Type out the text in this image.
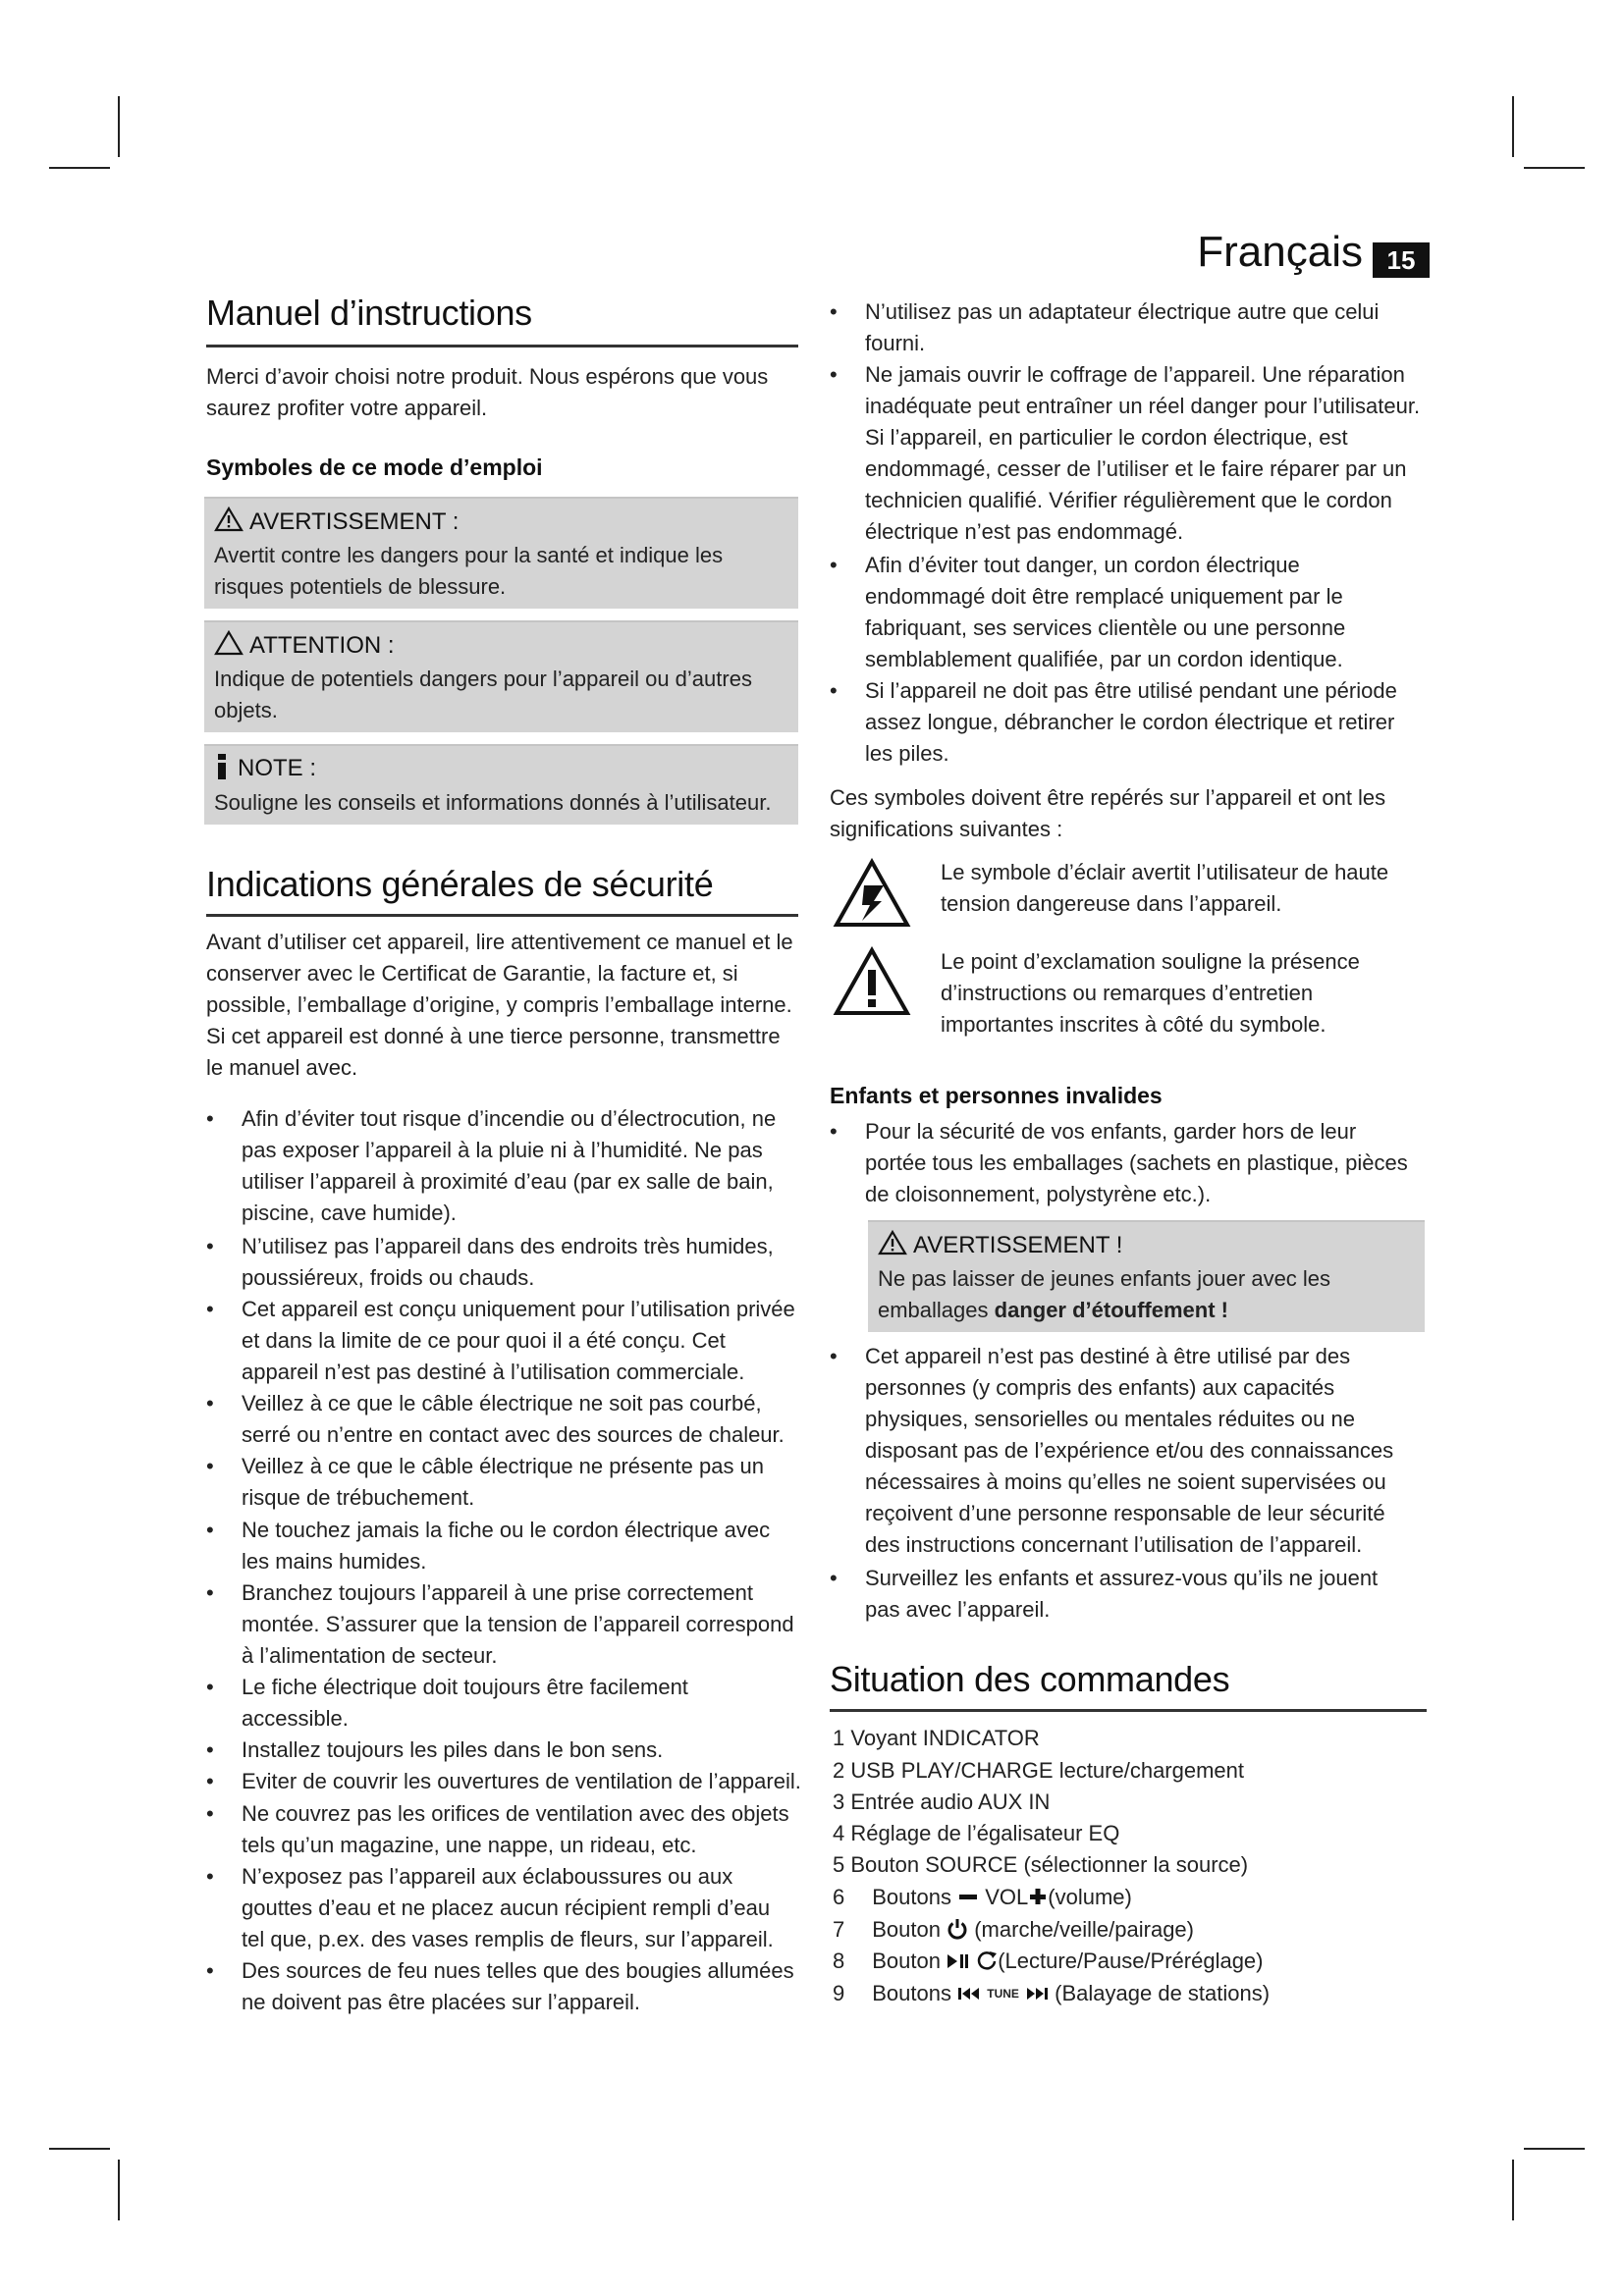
Français 15
Manuel d’instructions
Merci d’avoir choisi notre produit. Nous espérons que vous saurez profiter votre appareil.
Symboles de ce mode d’emploi
AVERTISSEMENT :
Avertit contre les dangers pour la santé et indique les risques potentiels de blessure.
ATTENTION :
Indique de potentiels dangers pour l’appareil ou d’autres objets.
NOTE :
Souligne les conseils et informations donnés à l’utilisateur.
Indications générales de sécurité
Avant d’utiliser cet appareil, lire attentivement ce manuel et le conserver avec le Certificat de Garantie, la facture et, si possible, l’emballage d’origine, y compris l’emballage interne. Si cet appareil est donné à une tierce personne, transmettre le manuel avec.
• Afin d’éviter tout risque d’incendie ou d’électrocution, ne pas exposer l’appareil à la pluie ni à l’humidité. Ne pas utiliser l’appareil à proximité d’eau (par ex salle de bain, piscine, cave humide).
• N’utilisez pas l’appareil dans des endroits très humides, poussiéreux, froids ou chauds.
• Cet appareil est conçu uniquement pour l’utilisation privée et dans la limite de ce pour quoi il a été conçu. Cet appareil n’est pas destiné à l’utilisation commerciale.
• Veillez à ce que le câble électrique ne soit pas courbé, serré ou n’entre en contact avec des sources de chaleur.
• Veillez à ce que le câble électrique ne présente pas un risque de trébuchement.
• Ne touchez jamais la fiche ou le cordon électrique avec les mains humides.
• Branchez toujours l’appareil à une prise correctement montée. S’assurer que la tension de l’appareil correspond à l’alimentation de secteur.
• Le fiche électrique doit toujours être facilement accessible.
• Installez toujours les piles dans le bon sens.
• Eviter de couvrir les ouvertures de ventilation de l’appareil.
• Ne couvrez pas les orifices de ventilation avec des objets tels qu’un magazine, une nappe, un rideau, etc.
• N’exposez pas l’appareil aux éclaboussures ou aux gouttes d’eau et ne placez aucun récipient rempli d’eau tel que, p.ex. des vases remplis de fleurs, sur l’appareil.
• Des sources de feu nues telles que des bougies allumées ne doivent pas être placées sur l’appareil.
• N’utilisez pas un adaptateur électrique autre que celui fourni.
• Ne jamais ouvrir le coffrage de l’appareil. Une réparation inadéquate peut entraîner un réel danger pour l’utilisateur. Si l’appareil, en particulier le cordon électrique, est endommagé, cesser de l’utiliser et le faire réparer par un technicien qualifié. Vérifier régulièrement que le cordon électrique n’est pas endommagé.
• Afin d’éviter tout danger, un cordon électrique endommagé doit être remplacé uniquement par le fabriquant, ses services clientèle ou une personne semblablement qualifiée, par un cordon identique.
• Si l’appareil ne doit pas être utilisé pendant une période assez longue, débrancher le cordon électrique et retirer les piles.
Ces symboles doivent être repérés sur l’appareil et ont les significations suivantes :
Le symbole d’éclair avertit l’utilisateur de haute tension dangereuse dans l’appareil.
Le point d’exclamation souligne la présence d’instructions ou remarques d’entretien importantes inscrites à côté du symbole.
Enfants et personnes invalides
• Pour la sécurité de vos enfants, garder hors de leur portée tous les emballages (sachets en plastique, pièces de cloisonnement, polystyrène etc.).
AVERTISSEMENT !
Ne pas laisser de jeunes enfants jouer avec les emballages danger d’étouffement !
• Cet appareil n’est pas destiné à être utilisé par des personnes (y compris des enfants) aux capacités physiques, sensorielles ou mentales réduites ou ne disposant pas de l’expérience et/ou des connaissances nécessaires à moins qu’elles ne soient supervisées ou reçoivent d’une personne responsable de leur sécurité des instructions concernant l’utilisation de l’appareil.
• Surveillez les enfants et assurez-vous qu’ils ne jouent pas avec l’appareil.
Situation des commandes
1 Voyant INDICATOR
2 USB PLAY/CHARGE lecture/chargement
3 Entrée audio AUX IN
4 Réglage de l’égalisateur EQ
5 Bouton SOURCE (sélectionner la source)
6 Boutons VOL (volume)
7 Bouton (marche/veille/pairage)
8 Bouton	(Lecture/Pause/Préréglage)
9 Boutons	TUNE (Balayage de stations)
